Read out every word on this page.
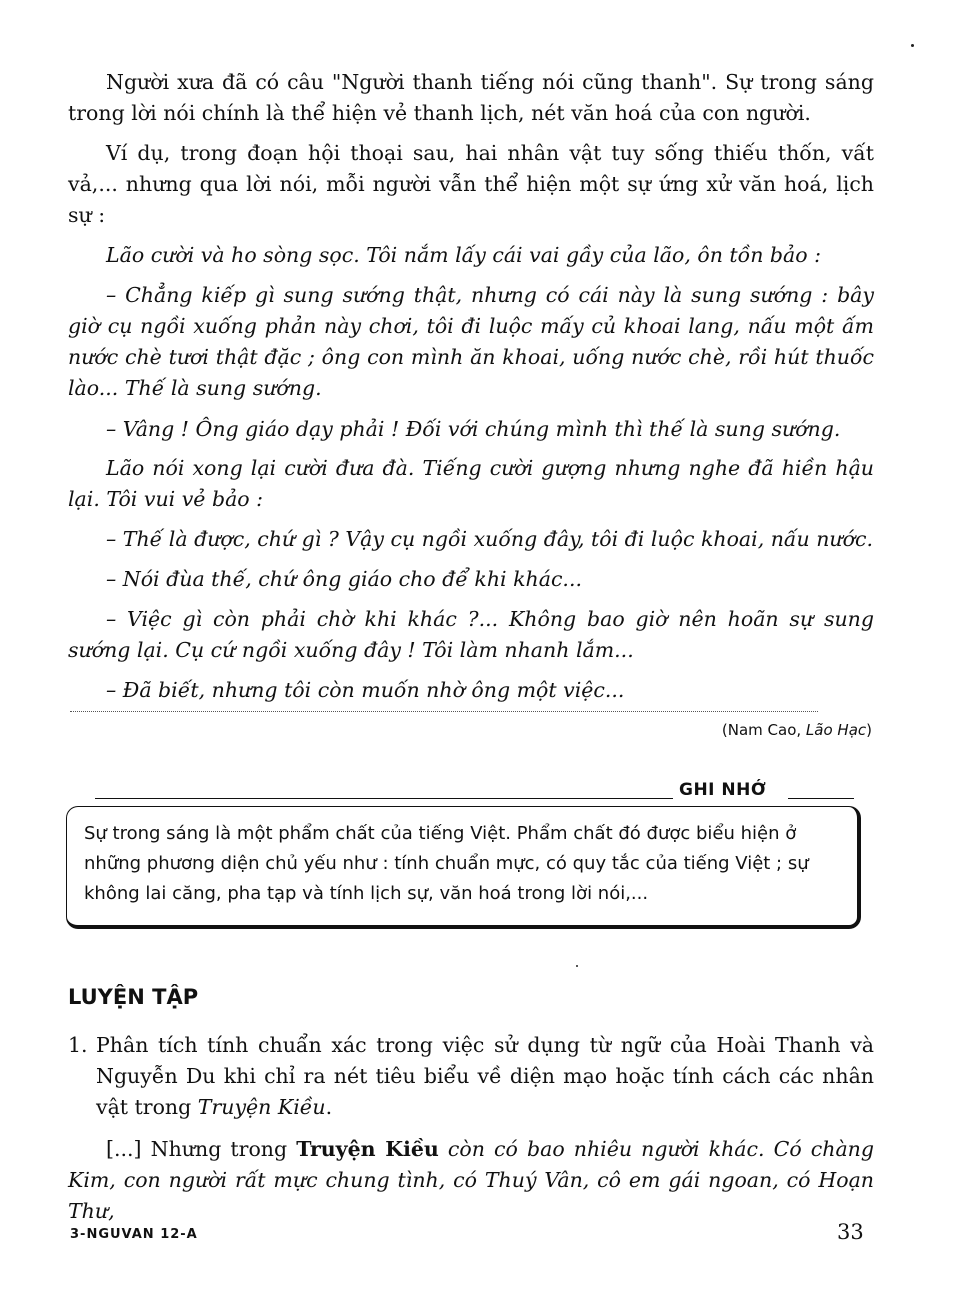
Người xưa đã có câu "Người thanh tiếng nói cũng thanh". Sự trong sáng trong lời nói chính là thể hiện vẻ thanh lịch, nét văn hoá của con người.

Ví dụ, trong đoạn hội thoại sau, hai nhân vật tuy sống thiếu thốn, vất vả,... nhưng qua lời nói, mỗi người vẫn thể hiện một sự ứng xử văn hoá, lịch sự :

Lão cười và ho sòng sọc. Tôi nắm lấy cái vai gầy của lão, ôn tồn bảo :

– Chẳng kiếp gì sung sướng thật, nhưng có cái này là sung sướng : bây giờ cụ ngồi xuống phản này chơi, tôi đi luộc mấy củ khoai lang, nấu một ấm nước chè tươi thật đặc ; ông con mình ăn khoai, uống nước chè, rồi hút thuốc lào... Thế là sung sướng.

– Vâng ! Ông giáo dạy phải ! Đối với chúng mình thì thế là sung sướng.

Lão nói xong lại cười đưa đà. Tiếng cười gượng nhưng nghe đã hiền hậu lại. Tôi vui vẻ bảo :

– Thế là được, chứ gì ? Vậy cụ ngồi xuống đây, tôi đi luộc khoai, nấu nước.

– Nói đùa thế, chứ ông giáo cho để khi khác...

– Việc gì còn phải chờ khi khác ?... Không bao giờ nên hoãn sự sung sướng lại. Cụ cứ ngồi xuống đây ! Tôi làm nhanh lắm...

– Đã biết, nhưng tôi còn muốn nhờ ông một việc...

(Nam Cao, Lão Hạc)
GHI NHỚ
Sự trong sáng là một phẩm chất của tiếng Việt. Phẩm chất đó được biểu hiện ở những phương diện chủ yếu như : tính chuẩn mực, có quy tắc của tiếng Việt ; sự không lai căng, pha tạp và tính lịch sự, văn hoá trong lời nói,...
LUYỆN TẬP
1. Phân tích tính chuẩn xác trong việc sử dụng từ ngữ của Hoài Thanh và Nguyễn Du khi chỉ ra nét tiêu biểu về diện mạo hoặc tính cách các nhân vật trong Truyện Kiều.

[...] Nhưng trong Truyện Kiều còn có bao nhiêu người khác. Có chàng Kim, con người rất mực chung tình, có Thuý Vân, cô em gái ngoan, có Hoạn Thư,

3-NGUVAN 12-A	33
